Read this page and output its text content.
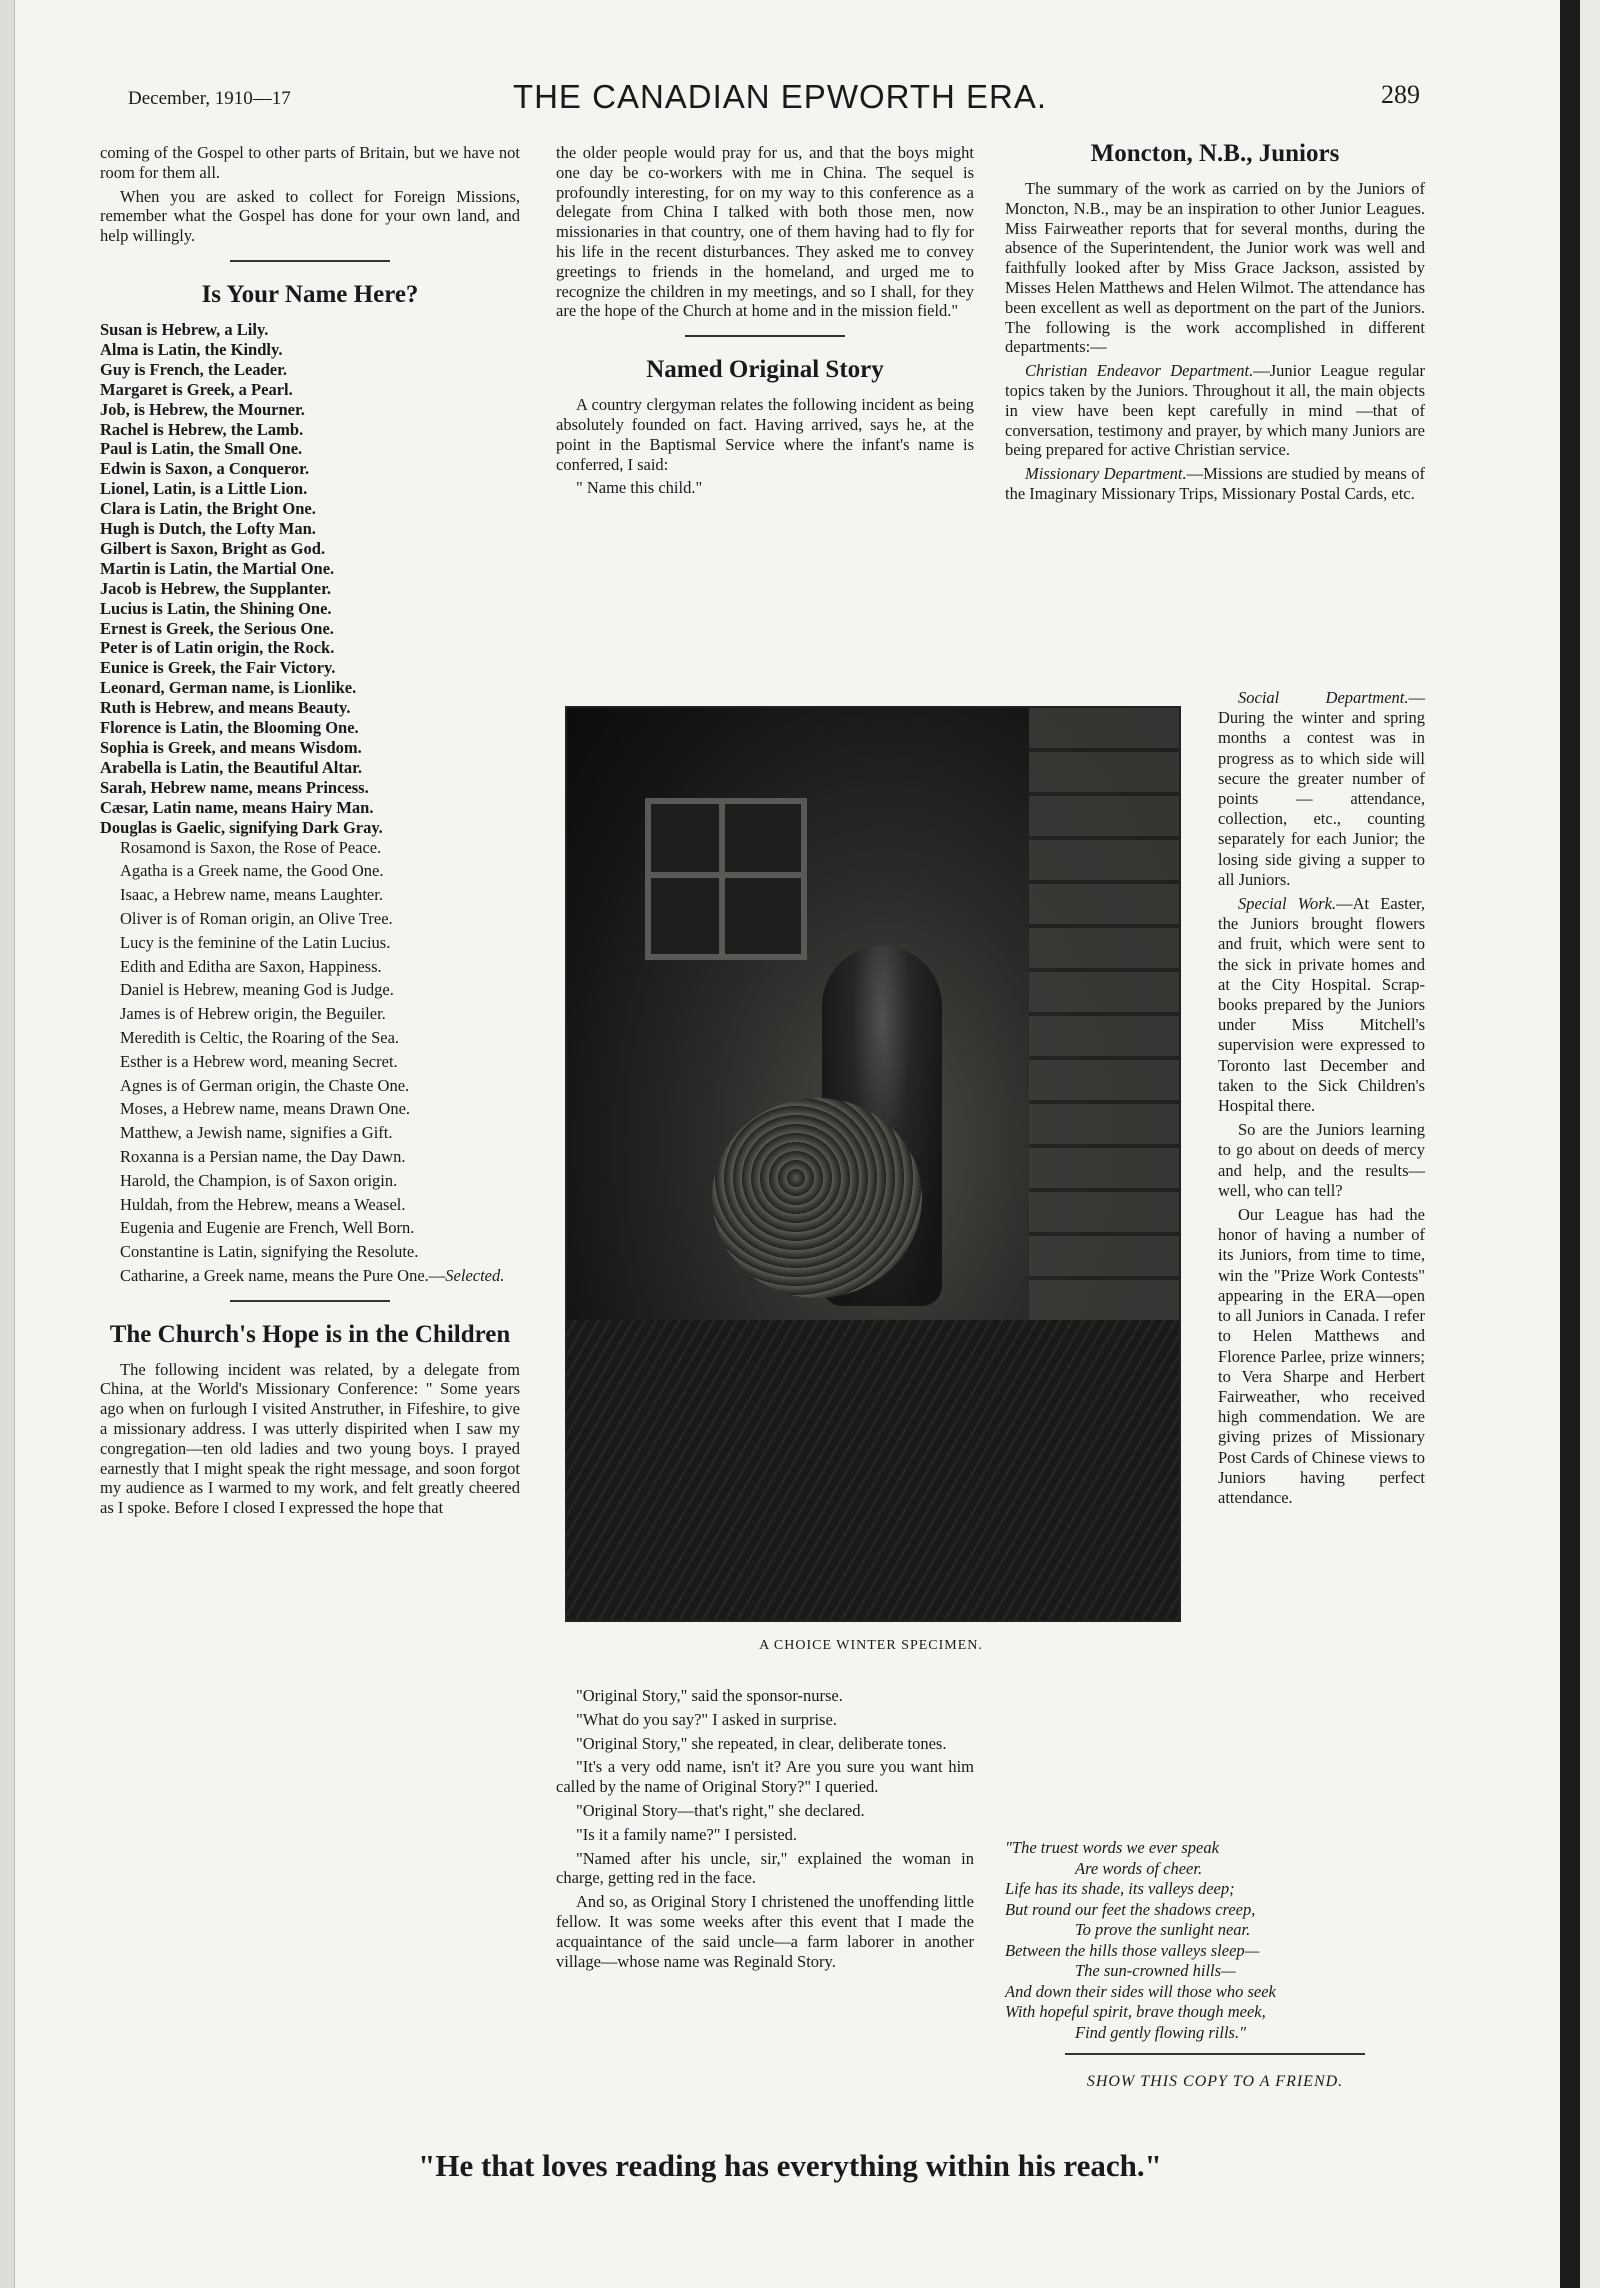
December, 1910—17	THE CANADIAN EPWORTH ERA.	289

coming of the Gospel to other parts of Britain, but we have not room for them all.

When you are asked to collect for Foreign Missions, remember what the Gospel has done for your own land, and help willingly.

Is Your Name Here?
Susan is Hebrew, a Lily.
Alma is Latin, the Kindly.
Guy is French, the Leader.
Margaret is Greek, a Pearl.
Job, is Hebrew, the Mourner.
Rachel is Hebrew, the Lamb.
Paul is Latin, the Small One.
Edwin is Saxon, a Conqueror.
Lionel, Latin, is a Little Lion.
Clara is Latin, the Bright One.
Hugh is Dutch, the Lofty Man.
Gilbert is Saxon, Bright as God.
Martin is Latin, the Martial One.
Jacob is Hebrew, the Supplanter.
Lucius is Latin, the Shining One.
Ernest is Greek, the Serious One.
Peter is of Latin origin, the Rock.
Eunice is Greek, the Fair Victory.
Leonard, German name, is Lionlike.
Ruth is Hebrew, and means Beauty.
Florence is Latin, the Blooming One.
Sophia is Greek, and means Wisdom.
Arabella is Latin, the Beautiful Altar.
Sarah, Hebrew name, means Princess.
Cæsar, Latin name, means Hairy Man.
Douglas is Gaelic, signifying Dark Gray.

Rosamond is Saxon, the Rose of Peace.

Agatha is a Greek name, the Good One.

Isaac, a Hebrew name, means Laughter.

Oliver is of Roman origin, an Olive Tree.

Lucy is the feminine of the Latin Lucius.

Edith and Editha are Saxon, Happiness.

Daniel is Hebrew, meaning God is Judge.

James is of Hebrew origin, the Beguiler.

Meredith is Celtic, the Roaring of the Sea.

Esther is a Hebrew word, meaning Secret.

Agnes is of German origin, the Chaste One.

Moses, a Hebrew name, means Drawn One.

Matthew, a Jewish name, signifies a Gift.

Roxanna is a Persian name, the Day Dawn.

Harold, the Champion, is of Saxon origin.

Huldah, from the Hebrew, means a Weasel.

Eugenia and Eugenie are French, Well Born.

Constantine is Latin, signifying the Resolute.

Catharine, a Greek name, means the Pure One.—Selected.

The Church's Hope is in the Children

The following incident was related, by a delegate from China, at the World's Missionary Conference: " Some years ago when on furlough I visited Anstruther, in Fifeshire, to give a missionary address. I was utterly dispirited when I saw my congregation—ten old ladies and two young boys. I prayed earnestly that I might speak the right message, and soon forgot my audience as I warmed to my work, and felt greatly cheered as I spoke. Before I closed I expressed the hope that

the older people would pray for us, and that the boys might one day be co-workers with me in China. The sequel is profoundly interesting, for on my way to this conference as a delegate from China I talked with both those men, now missionaries in that country, one of them having had to fly for his life in the recent disturbances. They asked me to convey greetings to friends in the homeland, and urged me to recognize the children in my meetings, and so I shall, for they are the hope of the Church at home and in the mission field."

Named Original Story

A country clergyman relates the following incident as being absolutely founded on fact. Having arrived, says he, at the point in the Baptismal Service where the infant's name is conferred, I said:

" Name this child."

A CHOICE WINTER SPECIMEN.

"Original Story," said the sponsor-nurse.

"What do you say?" I asked in surprise.

"Original Story," she repeated, in clear, deliberate tones.

"It's a very odd name, isn't it? Are you sure you want him called by the name of Original Story?" I queried.

"Original Story—that's right," she declared.

"Is it a family name?" I persisted.

"Named after his uncle, sir," explained the woman in charge, getting red in the face.

And so, as Original Story I christened the unoffending little fellow. It was some weeks after this event that I made the acquaintance of the said uncle—a farm laborer in another village—whose name was Reginald Story.

Moncton, N.B., Juniors

The summary of the work as carried on by the Juniors of Moncton, N.B., may be an inspiration to other Junior Leagues. Miss Fairweather reports that for several months, during the absence of the Superintendent, the Junior work was well and faithfully looked after by Miss Grace Jackson, assisted by Misses Helen Matthews and Helen Wilmot. The attendance has been excellent as well as deportment on the part of the Juniors. The following is the work accomplished in different departments:—

Christian Endeavor Department.—Junior League regular topics taken by the Juniors. Throughout it all, the main objects in view have been kept carefully in mind —that of conversation, testimony and prayer, by which many Juniors are being prepared for active Christian service.

Missionary Department.—Missions are studied by means of the Imaginary Missionary Trips, Missionary Postal Cards, etc.

Social Department.—During the winter and spring months a contest was in progress as to which side will secure the greater number of points — attendance, collection, etc., counting separately for each Junior; the losing side giving a supper to all Juniors.

Special Work.—At Easter, the Juniors brought flowers and fruit, which were sent to the sick in private homes and at the City Hospital. Scrap-books prepared by the Juniors under Miss Mitchell's supervision were expressed to Toronto last December and taken to the Sick Children's Hospital there.

So are the Juniors learning to go about on deeds of mercy and help, and the results—well, who can tell?

Our League has had the honor of having a number of its Juniors, from time to time, win the "Prize Work Contests" appearing in the ERA—open to all Juniors in Canada. I refer to Helen Matthews and Florence Parlee, prize winners; to Vera Sharpe and Herbert Fairweather, who received high commendation. We are giving prizes of Missionary Post Cards of Chinese views to Juniors having perfect attendance.

"The truest words we ever speak
Are words of cheer.
Life has its shade, its valleys deep;
But round our feet the shadows creep,
To prove the sunlight near.
Between the hills those valleys sleep—
The sun-crowned hills—
And down their sides will those who seek
With hopeful spirit, brave though meek,
Find gently flowing rills."
SHOW THIS COPY TO A FRIEND.
"He that loves reading has everything within his reach."
